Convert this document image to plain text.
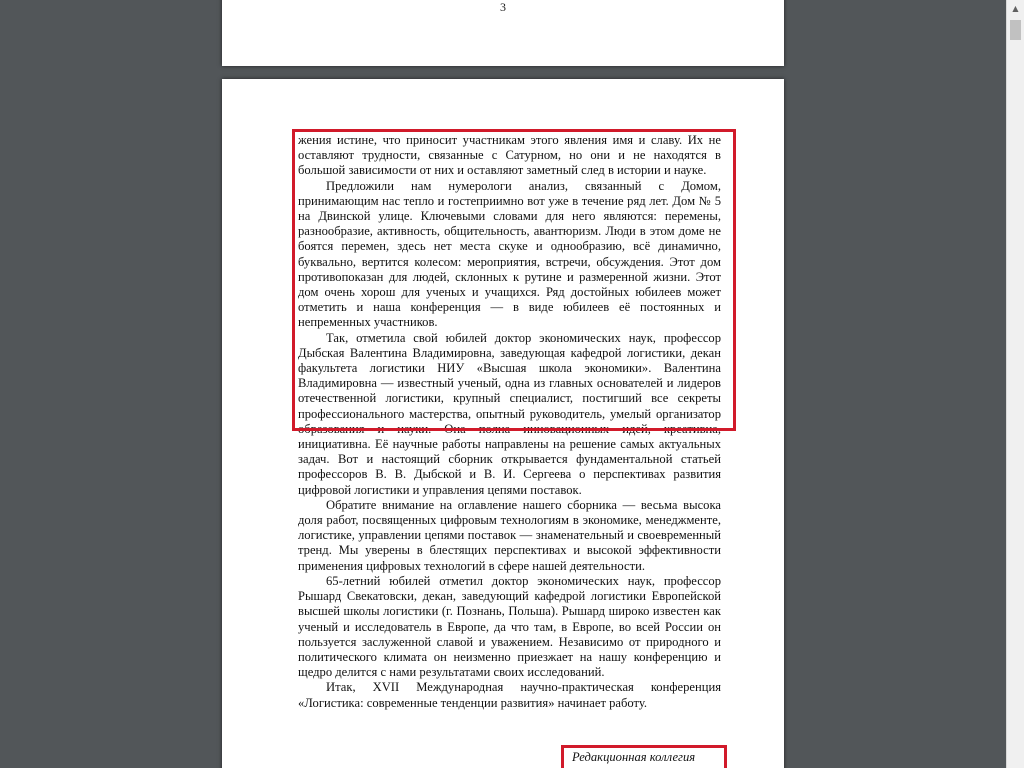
3

жения истине, что приносит участникам этого явления имя и славу. Их не оставляют трудности, связанные с Сатурном, но они и не находятся в большой зависимости от них и оставляют заметный след в истории и науке.

Предложили нам нумерологи анализ, связанный с Домом, принимающим нас тепло и гостеприимно вот уже в течение ряд лет. Дом № 5 на Двинской улице. Ключевыми словами для него являются: перемены, разнообразие, активность, общительность, авантюризм. Люди в этом доме не боятся перемен, здесь нет места скуке и однообразию, всё динамично, буквально, вертится колесом: мероприятия, встречи, обсуждения. Этот дом противопоказан для людей, склонных к рутине и размеренной жизни. Этот дом очень хорош для ученых и учащихся. Ряд достойных юбилеев может отметить и наша конференция — в виде юбилеев её постоянных и непременных участников.

Так, отметила свой юбилей доктор экономических наук, профессор Дыбская Валентина Владимировна, заведующая кафедрой логистики, декан факультета логистики НИУ «Высшая школа экономики». Валентина Владимировна — известный ученый, одна из главных основателей и лидеров отечественной логистики, крупный специалист, постигший все секреты профессионального мастерства, опытный руководитель, умелый организатор образования и науки. Она полна инновационных идей, креативна, инициативна. Её научные работы направлены на решение самых актуальных задач. Вот и настоящий сборник открывается фундаментальной статьей профессоров В. В. Дыбской и В. И. Сергеева о перспективах развития цифровой логистики и управления цепями поставок.

Обратите внимание на оглавление нашего сборника — весьма высока доля работ, посвященных цифровым технологиям в экономике, менеджменте, логистике, управлении цепями поставок — знаменательный и своевременный тренд. Мы уверены в блестящих перспективах и высокой эффективности применения цифровых технологий в сфере нашей деятельности.

65-летний юбилей отметил доктор экономических наук, профессор Рышард Свекатовски, декан, заведующий кафедрой логистики Европейской высшей школы логистики (г. Познань, Польша). Рышард широко известен как ученый и исследователь в Европе, да что там, в Европе, во всей России он пользуется заслуженной славой и уважением. Независимо от природного и политического климата он неизменно приезжает на нашу конференцию и щедро делится с нами результатами своих исследований.

Итак, XVII Международная научно-практическая конференция «Логистика: современные тенденции развития» начинает работу.

Редакционная коллегия
▲
